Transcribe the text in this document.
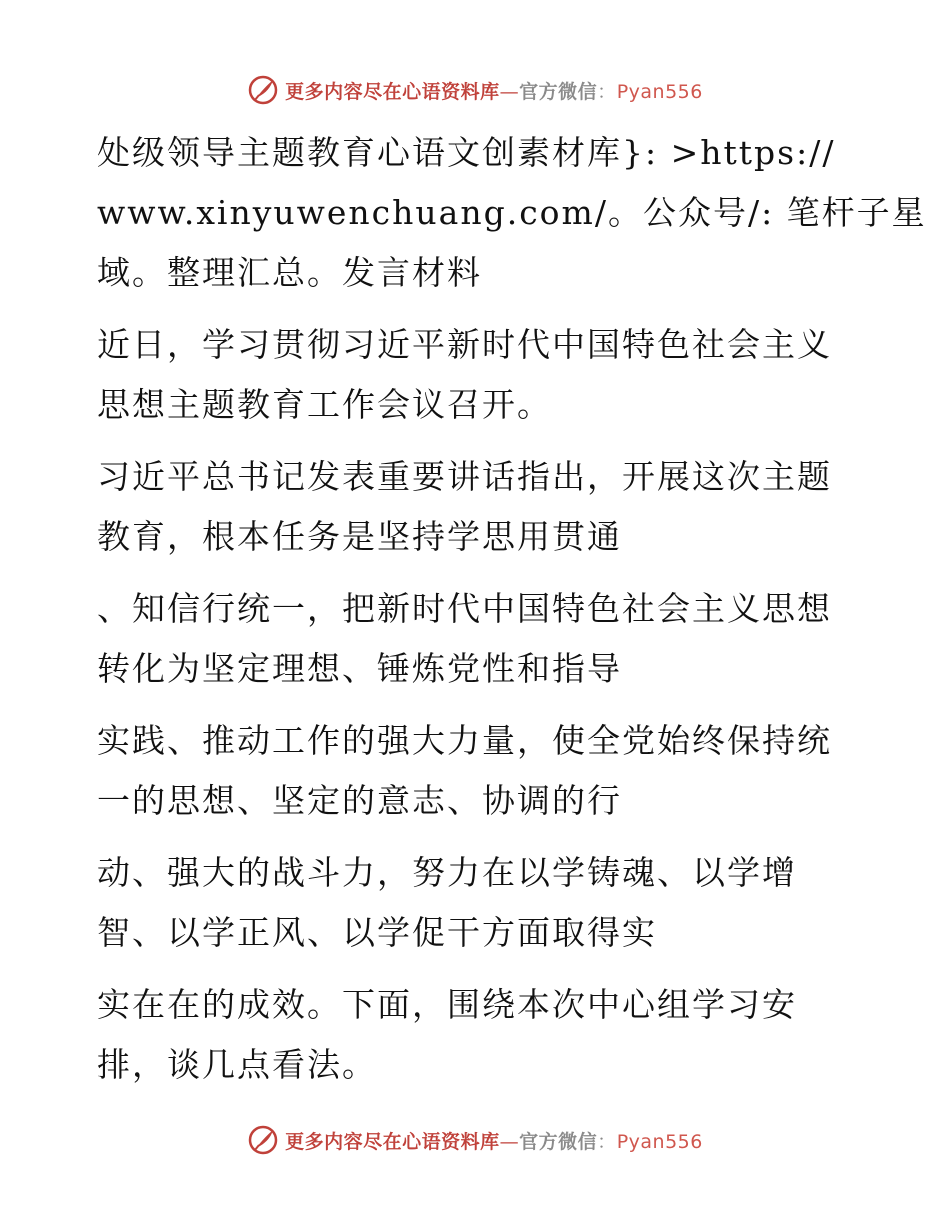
更多内容尽在心语资料库—官方微信：Pyan556

处级领导主题教育心语文创素材库}: >https://
www.xinyuwenchuang.com/。公众号/: 笔杆子星
域。整理汇总。发言材料

近日，学习贯彻习近平新时代中国特色社会主义
思想主题教育工作会议召开。

习近平总书记发表重要讲话指出，开展这次主题
教育，根本任务是坚持学思用贯通

、知信行统一，把新时代中国特色社会主义思想
转化为坚定理想、锤炼党性和指导

实践、推动工作的强大力量，使全党始终保持统
一的思想、坚定的意志、协调的行

动、强大的战斗力，努力在以学铸魂、以学增
智、以学正风、以学促干方面取得实

实在在的成效。下面，围绕本次中心组学习安
排，谈几点看法。

更多内容尽在心语资料库—官方微信：Pyan556
